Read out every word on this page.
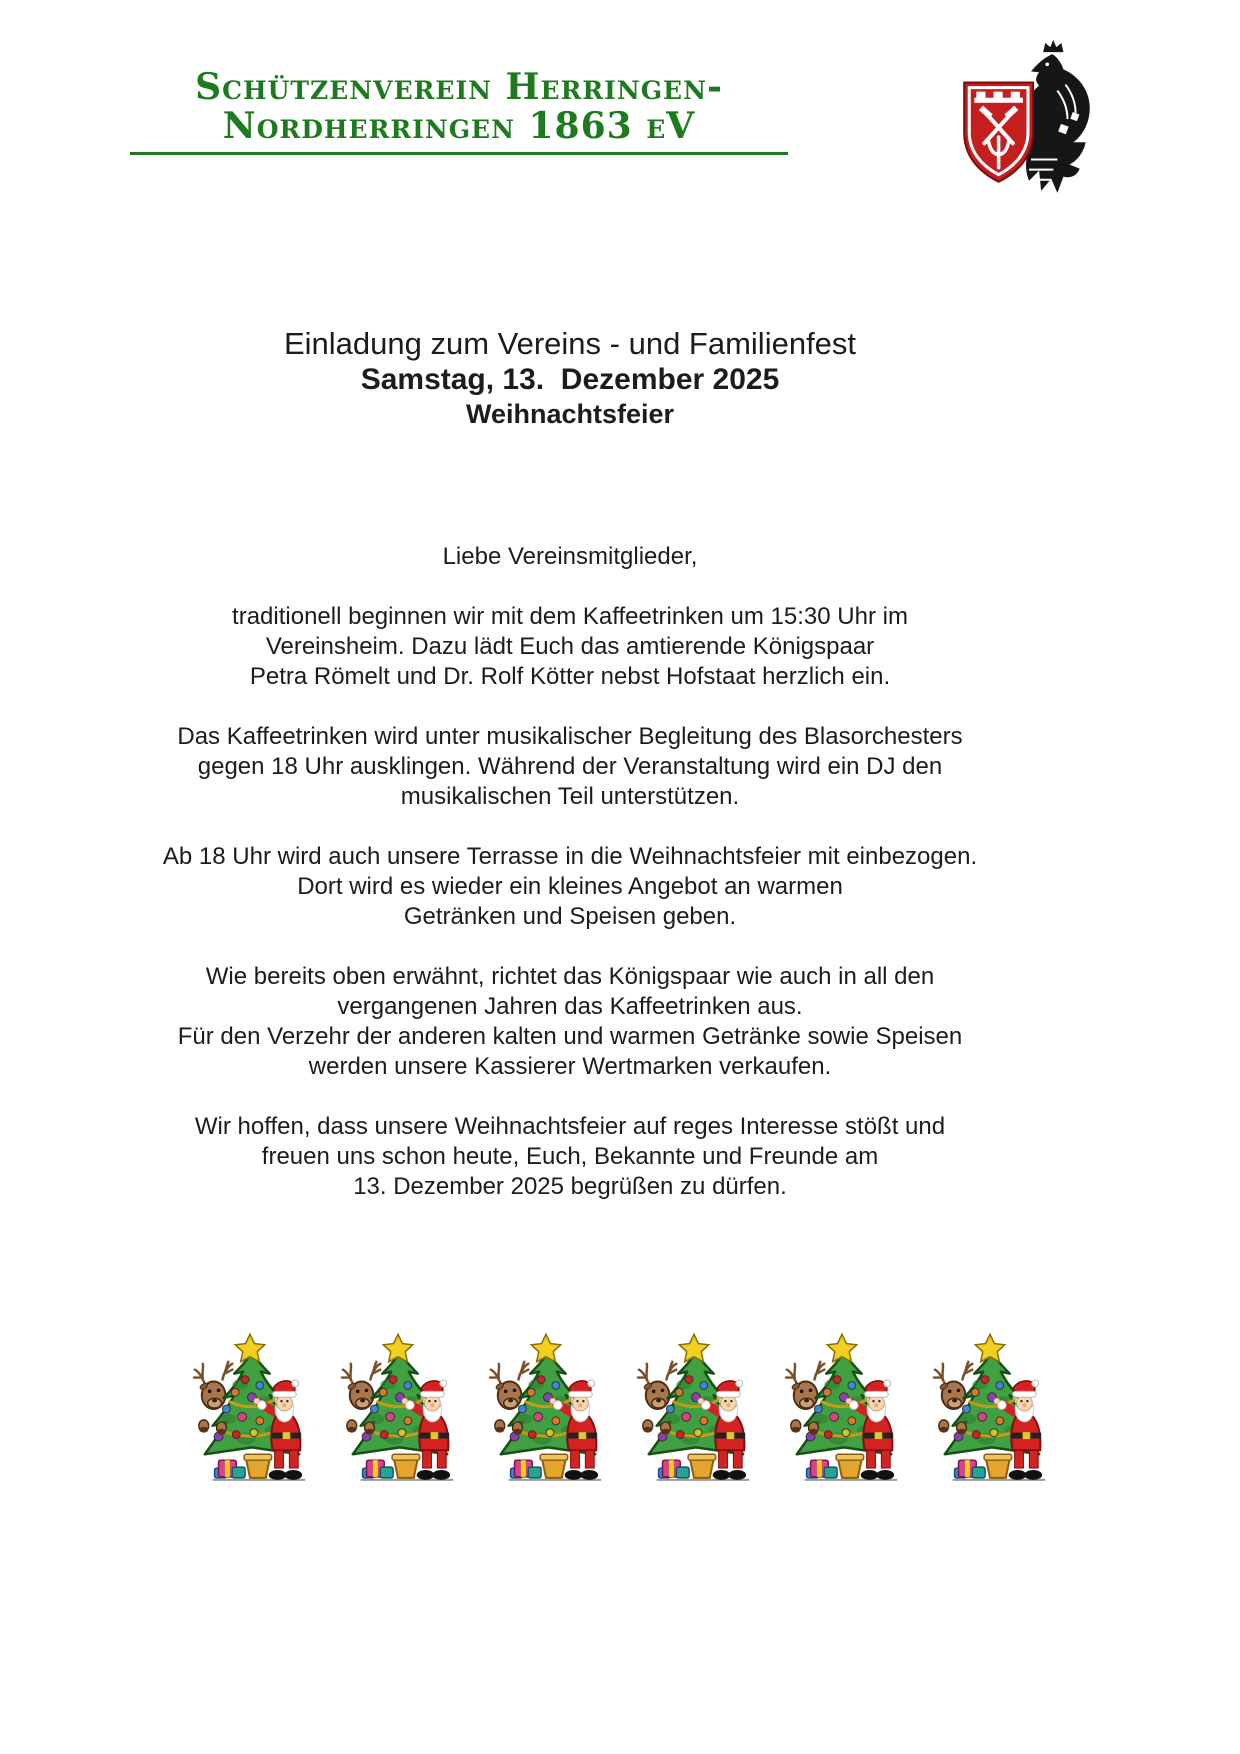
Schützenverein Herringen-
Nordherringen 1863 eV
Einladung zum Vereins - und Familienfest
Samstag, 13.  Dezember 2025
Weihnachtsfeier
Liebe Vereinsmitglieder,

traditionell beginnen wir mit dem Kaffeetrinken um 15:30 Uhr im
Vereinsheim. Dazu lädt Euch das amtierende Königspaar
Petra Römelt und Dr. Rolf Kötter nebst Hofstaat herzlich ein.

Das Kaffeetrinken wird unter musikalischer Begleitung des Blasorchesters
gegen 18 Uhr ausklingen. Während der Veranstaltung wird ein DJ den
musikalischen Teil unterstützen.

Ab 18 Uhr wird auch unsere Terrasse in die Weihnachtsfeier mit einbezogen.
Dort wird es wieder ein kleines Angebot an warmen
Getränken und Speisen geben.

Wie bereits oben erwähnt, richtet das Königspaar wie auch in all den
vergangenen Jahren das Kaffeetrinken aus.
Für den Verzehr der anderen kalten und warmen Getränke sowie Speisen
werden unsere Kassierer Wertmarken verkaufen.

Wir hoffen, dass unsere Weihnachtsfeier auf reges Interesse stößt und
freuen uns schon heute, Euch, Bekannte und Freunde am
13. Dezember 2025 begrüßen zu dürfen.
